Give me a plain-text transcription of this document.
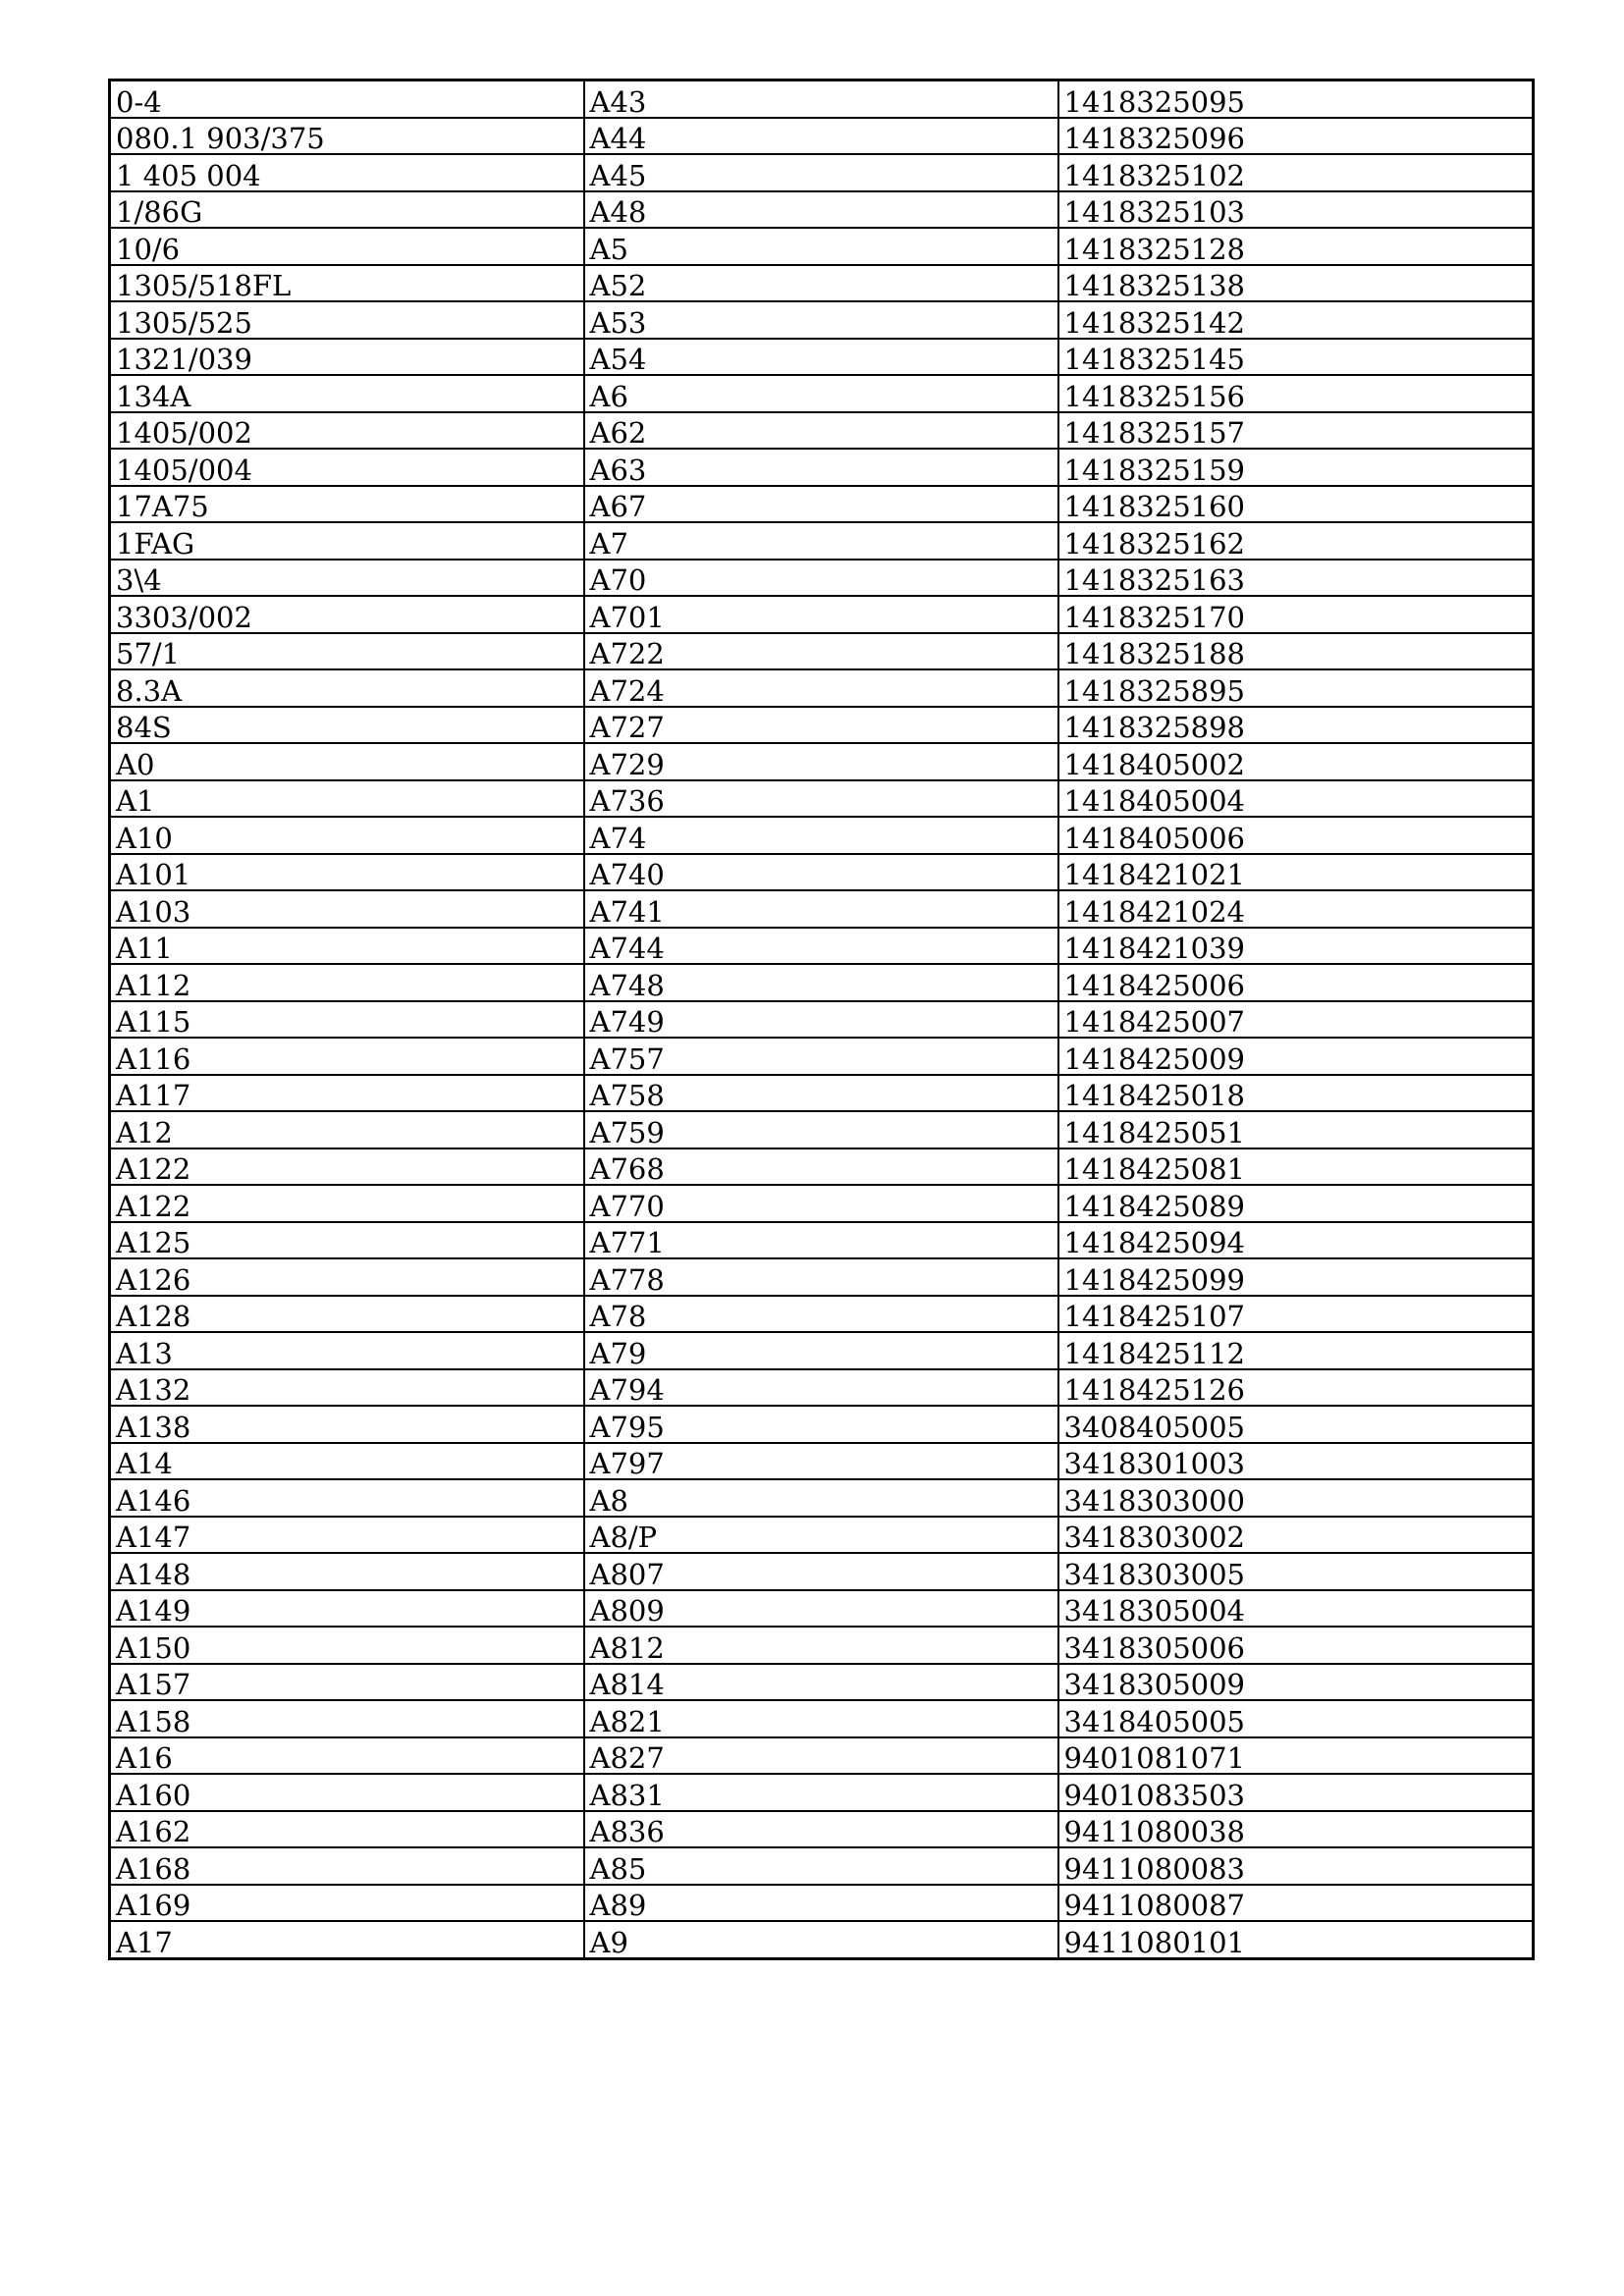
0-4	A43	1418325095
080.1 903/375	A44	1418325096
1 405 004	A45	1418325102
1/86G	A48	1418325103
10/6	A5	1418325128
1305/518FL	A52	1418325138
1305/525	A53	1418325142
1321/039	A54	1418325145
134A	A6	1418325156
1405/002	A62	1418325157
1405/004	A63	1418325159
17A75	A67	1418325160
1FAG	A7	1418325162
3\4	A70	1418325163
3303/002	A701	1418325170
57/1	A722	1418325188
8.3A	A724	1418325895
84S	A727	1418325898
A0	A729	1418405002
A1	A736	1418405004
A10	A74	1418405006
A101	A740	1418421021
A103	A741	1418421024
A11	A744	1418421039
A112	A748	1418425006
A115	A749	1418425007
A116	A757	1418425009
A117	A758	1418425018
A12	A759	1418425051
A122	A768	1418425081
A122	A770	1418425089
A125	A771	1418425094
A126	A778	1418425099
A128	A78	1418425107
A13	A79	1418425112
A132	A794	1418425126
A138	A795	3408405005
A14	A797	3418301003
A146	A8	3418303000
A147	A8/P	3418303002
A148	A807	3418303005
A149	A809	3418305004
A150	A812	3418305006
A157	A814	3418305009
A158	A821	3418405005
A16	A827	9401081071
A160	A831	9401083503
A162	A836	9411080038
A168	A85	9411080083
A169	A89	9411080087
A17	A9	9411080101
